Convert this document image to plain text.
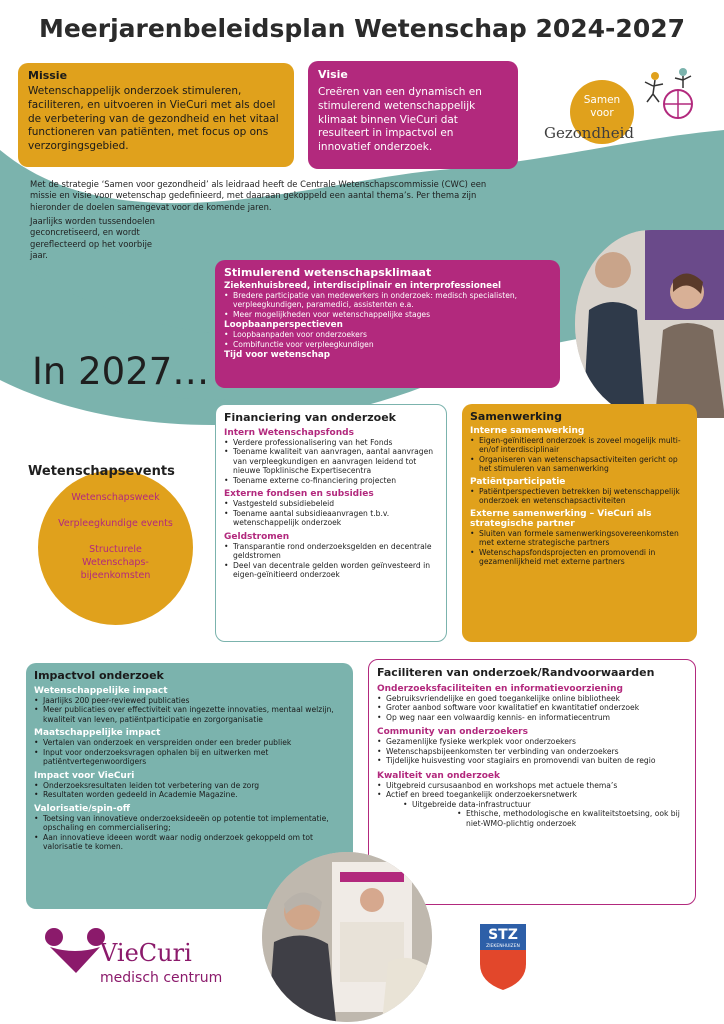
Meerjarenbeleidsplan Wetenschap 2024-2027
Missie
Wetenschappelijk onderzoek stimuleren, faciliteren, en uitvoeren in VieCuri met als doel de verbetering van de gezondheid en het vitaal functioneren van patiënten, met focus op ons verzorgingsgebied.
Visie
Creëren van een dynamisch en stimulerend wetenschappelijk klimaat binnen VieCuri dat resulteert in impactvol en innovatief onderzoek.
Samen
voor
Gezondheid
Met de strategie ‘Samen voor gezondheid’ als leidraad heeft de Centrale Wetenschapscommissie (CWC) een missie en visie voor wetenschap gedefinieerd, met daaraan gekoppeld een aantal thema’s. Per thema zijn hieronder de doelen samengevat voor de komende jaren.
Jaarlijks worden tussendoelen geconcretiseerd, en wordt gereflecteerd op het voorbije jaar.
In 2027…
Stimulerend wetenschapsklimaat
Ziekenhuisbreed, interdisciplinair en interprofessioneel
• Bredere participatie van medewerkers in onderzoek: medisch specialisten, verpleegkundigen, paramedici, assistenten e.a.
• Meer mogelijkheden voor wetenschappelijke stages
Loopbaanperspectieven
• Loopbaanpaden voor onderzoekers
• Combifunctie voor verpleegkundigen
Tijd voor wetenschap
Financiering van onderzoek
Intern Wetenschapsfonds
• Verdere professionalisering van het Fonds
• Toename kwaliteit van aanvragen, aantal aanvragen van verpleegkundigen en aanvragen leidend tot nieuwe Topklinische Expertisecentra
• Toename externe co-financiering projecten
Externe fondsen en subsidies
• Vastgesteld subsidiebeleid
• Toename aantal subsidieaanvragen t.b.v. wetenschappelijk onderzoek
Geldstromen
• Transparantie rond onderzoeksgelden en decentrale geldstromen
• Deel van decentrale gelden worden geïnvesteerd in eigen-geïnitieerd onderzoek
Samenwerking
Interne samenwerking
• Eigen-geïnitieerd onderzoek is zoveel mogelijk multi- en/of interdisciplinair
• Organiseren van wetenschapsactiviteiten gericht op het stimuleren van samenwerking
Patiëntparticipatie
• Patiëntperspectieven betrekken bij wetenschappelijk onderzoek en wetenschapsactiviteiten
Externe samenwerking – VieCuri als strategische partner
• Sluiten van formele samenwerkingsovereenkomsten met externe strategische partners
• Wetenschapsfondsprojecten en promovendi in gezamenlijkheid met externe partners
Wetenschapsweek
Verpleegkundige events
Structurele
Wetenschaps-
bijeenkomsten
Wetenschapsevents
Impactvol onderzoek
Wetenschappelijke impact
• Jaarlijks 200 peer-reviewed publicaties
• Meer publicaties over effectiviteit van ingezette innovaties, mentaal welzijn, kwaliteit van leven, patiëntparticipatie en zorgorganisatie
Maatschappelijke impact
• Vertalen van onderzoek en verspreiden onder een breder publiek
• Input voor onderzoeksvragen ophalen bij en uitwerken met patiëntvertegenwoordigers
Impact voor VieCuri
• Onderzoeksresultaten leiden tot verbetering van de zorg
• Resultaten worden gedeeld in Academie Magazine.
Valorisatie/spin-off
• Toetsing van innovatieve onderzoeksideeën op potentie tot implementatie, opschaling en commercialisering;
• Aan innovatieve ideeen wordt waar nodig onderzoek gekoppeld om tot valorisatie te komen.
Faciliteren van onderzoek/Randvoorwaarden
Onderzoeksfaciliteiten en informatievoorziening
• Gebruiksvriendelijke en goed toegankelijke online bibliotheek
• Groter aanbod software voor kwalitatief en kwantitatief onderzoek
• Op weg naar een volwaardig kennis- en informatiecentrum
Community van onderzoekers
• Gezamenlijke fysieke werkplek voor onderzoekers
• Wetenschapsbijeenkomsten ter verbinding van onderzoekers
• Tijdelijke huisvesting voor stagiairs en promovendi van buiten de regio
Kwaliteit van onderzoek
• Uitgebreid cursusaanbod en workshops met actuele thema’s
• Actief en breed toegankelijk onderzoekersnetwerk
• Uitgebreide data-infrastructuur
• Ethische, methodologische en kwaliteitstoetsing, ook bij niet-WMO-plichtig onderzoek
VieCuri
medisch centrum
STZ
ZIEKENHUIZEN
